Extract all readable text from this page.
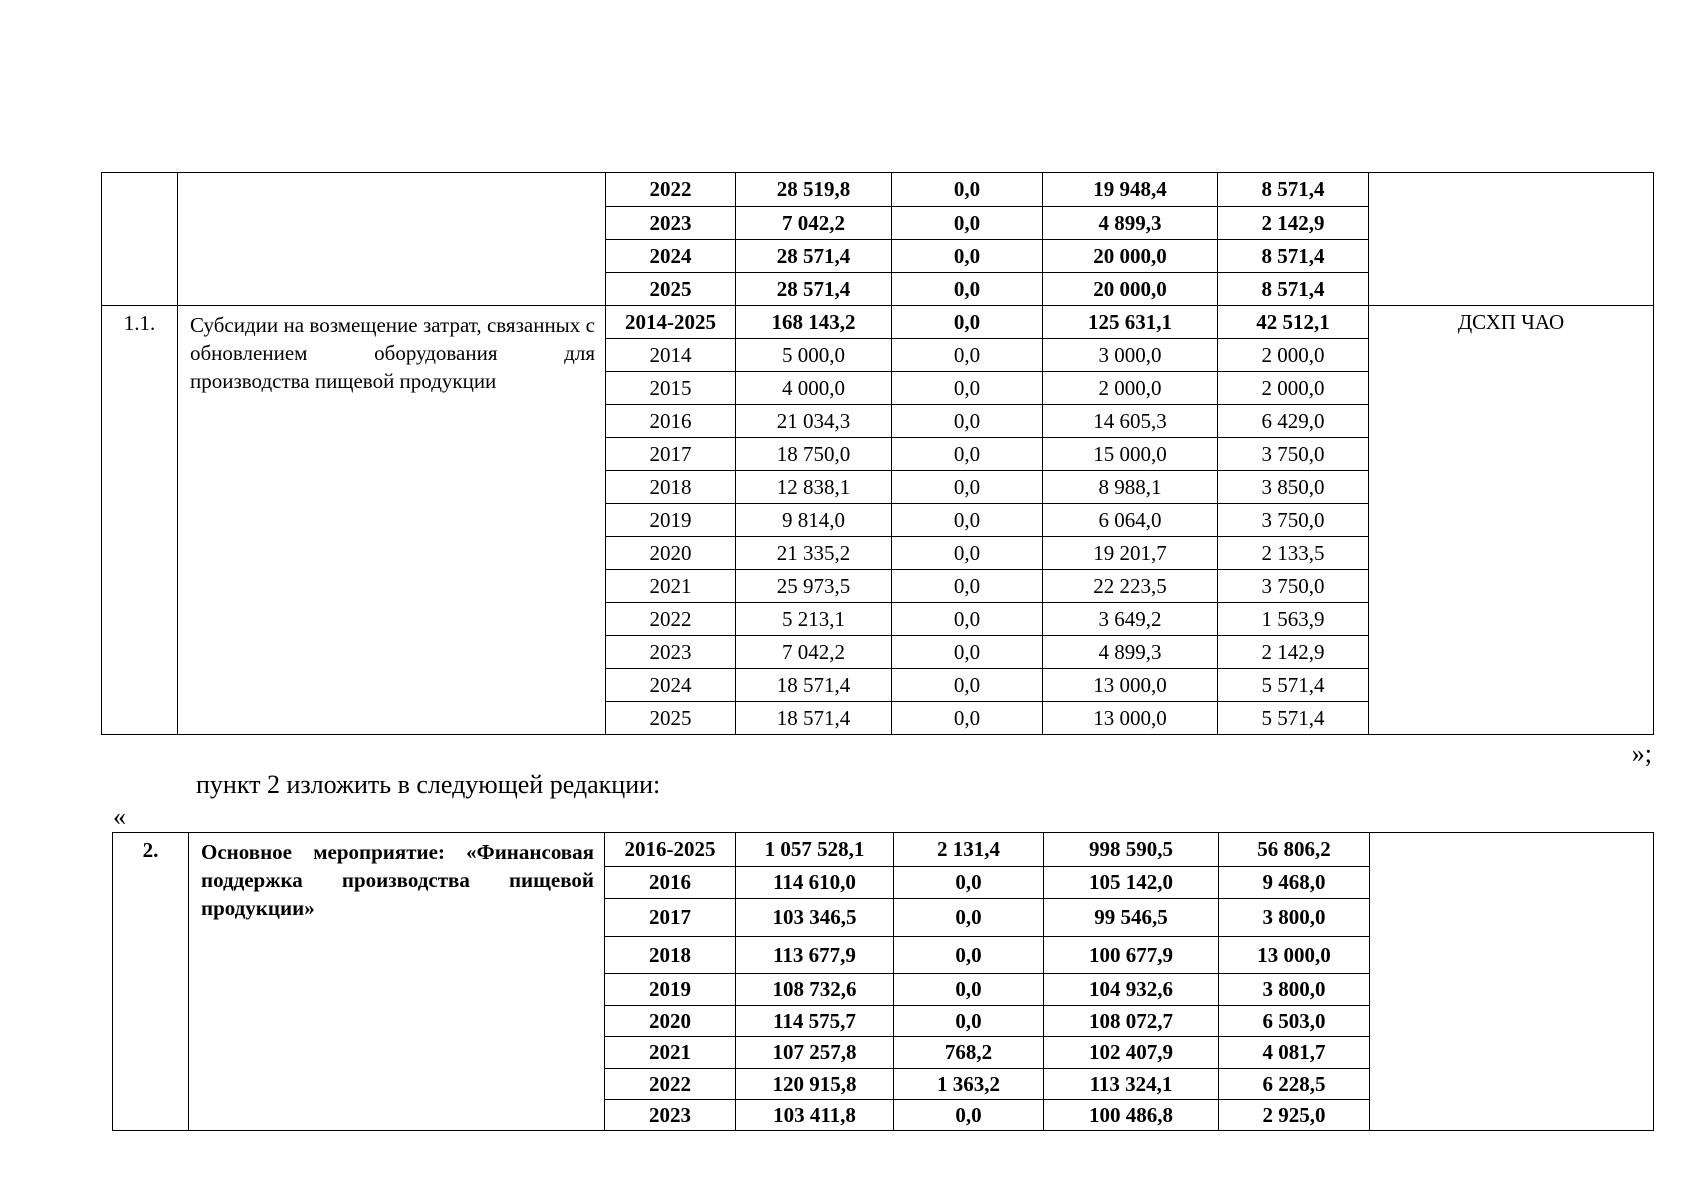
		2022	28 519,8	0,0	19 948,4	8 571,4	
		2023	7 042,2	0,0	4 899,3	2 142,9	
		2024	28 571,4	0,0	20 000,0	8 571,4	
		2025	28 571,4	0,0	20 000,0	8 571,4	
1.1.	Субсидии на возмещение затрат, связанных с обновлением оборудования для производства пищевой продукции	2014-2025	168 143,2	0,0	125 631,1	42 512,1	ДСХП ЧАО
		2014	5 000,0	0,0	3 000,0	2 000,0	
		2015	4 000,0	0,0	2 000,0	2 000,0	
		2016	21 034,3	0,0	14 605,3	6 429,0	
		2017	18 750,0	0,0	15 000,0	3 750,0	
		2018	12 838,1	0,0	8 988,1	3 850,0	
		2019	9 814,0	0,0	6 064,0	3 750,0	
		2020	21 335,2	0,0	19 201,7	2 133,5	
		2021	25 973,5	0,0	22 223,5	3 750,0	
		2022	5 213,1	0,0	3 649,2	1 563,9	
		2023	7 042,2	0,0	4 899,3	2 142,9	
		2024	18 571,4	0,0	13 000,0	5 571,4	
		2025	18 571,4	0,0	13 000,0	5 571,4	
»;
пункт 2 изложить в следующей редакции:
«
2.	Основное мероприятие: «Финансовая поддержка производства пищевой продукции»	2016-2025	1 057 528,1	2 131,4	998 590,5	56 806,2	
		2016	114 610,0	0,0	105 142,0	9 468,0	
		2017	103 346,5	0,0	99 546,5	3 800,0	
		2018	113 677,9	0,0	100 677,9	13 000,0	
		2019	108 732,6	0,0	104 932,6	3 800,0	
		2020	114 575,7	0,0	108 072,7	6 503,0	
		2021	107 257,8	768,2	102 407,9	4 081,7	
		2022	120 915,8	1 363,2	113 324,1	6 228,5	
		2023	103 411,8	0,0	100 486,8	2 925,0	
